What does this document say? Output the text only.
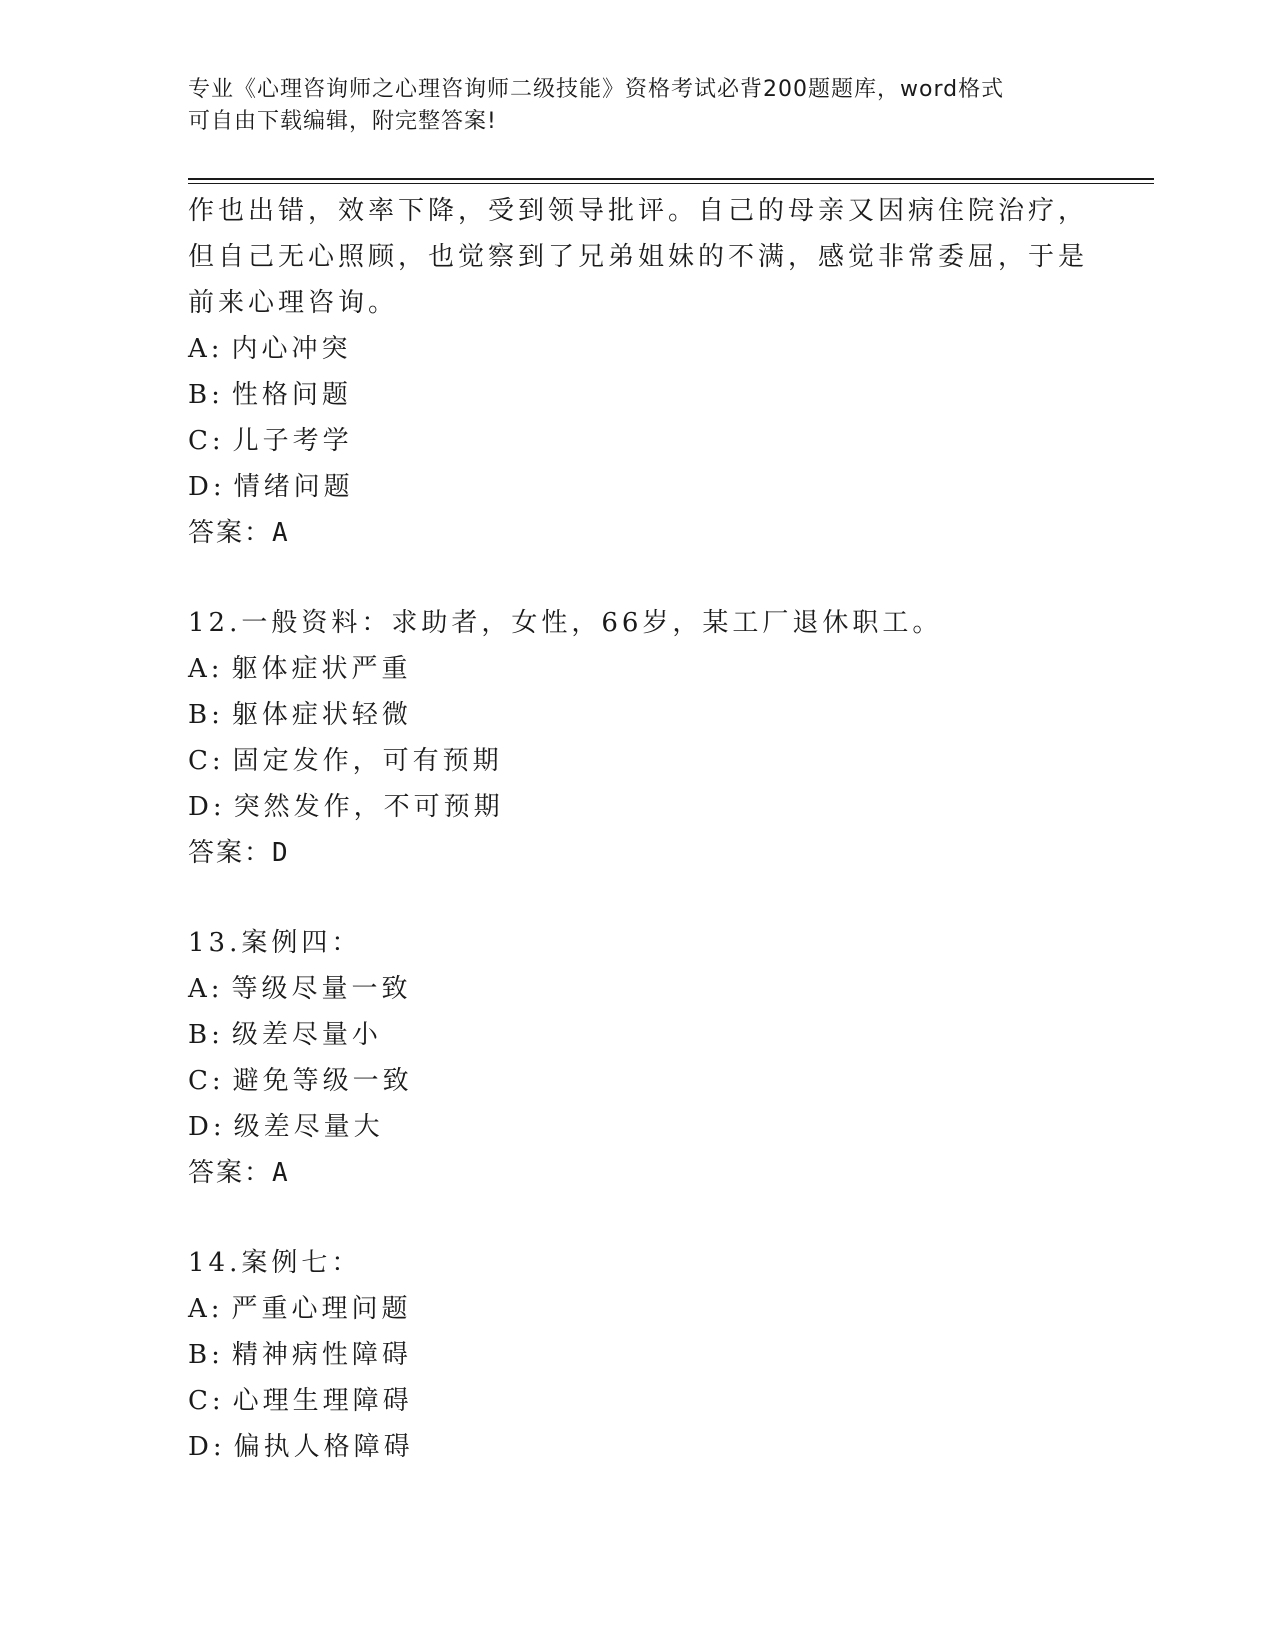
专业《心理咨询师之心理咨询师二级技能》资格考试必背200题题库，word格式
可自由下载编辑，附完整答案!
作也出错，效率下降，受到领导批评。自己的母亲又因病住院治疗，
但自己无心照顾，也觉察到了兄弟姐妹的不满，感觉非常委屈，于是
前来心理咨询。
A: 内心冲突
B: 性格问题
C: 儿子考学
D: 情绪问题
答案：A
12.一般资料：求助者，女性，66岁，某工厂退休职工。
A: 躯体症状严重
B: 躯体症状轻微
C: 固定发作，可有预期
D: 突然发作，不可预期
答案：D
13.案例四：
A: 等级尽量一致
B: 级差尽量小
C: 避免等级一致
D: 级差尽量大
答案：A
14.案例七：
A: 严重心理问题
B: 精神病性障碍
C: 心理生理障碍
D: 偏执人格障碍
